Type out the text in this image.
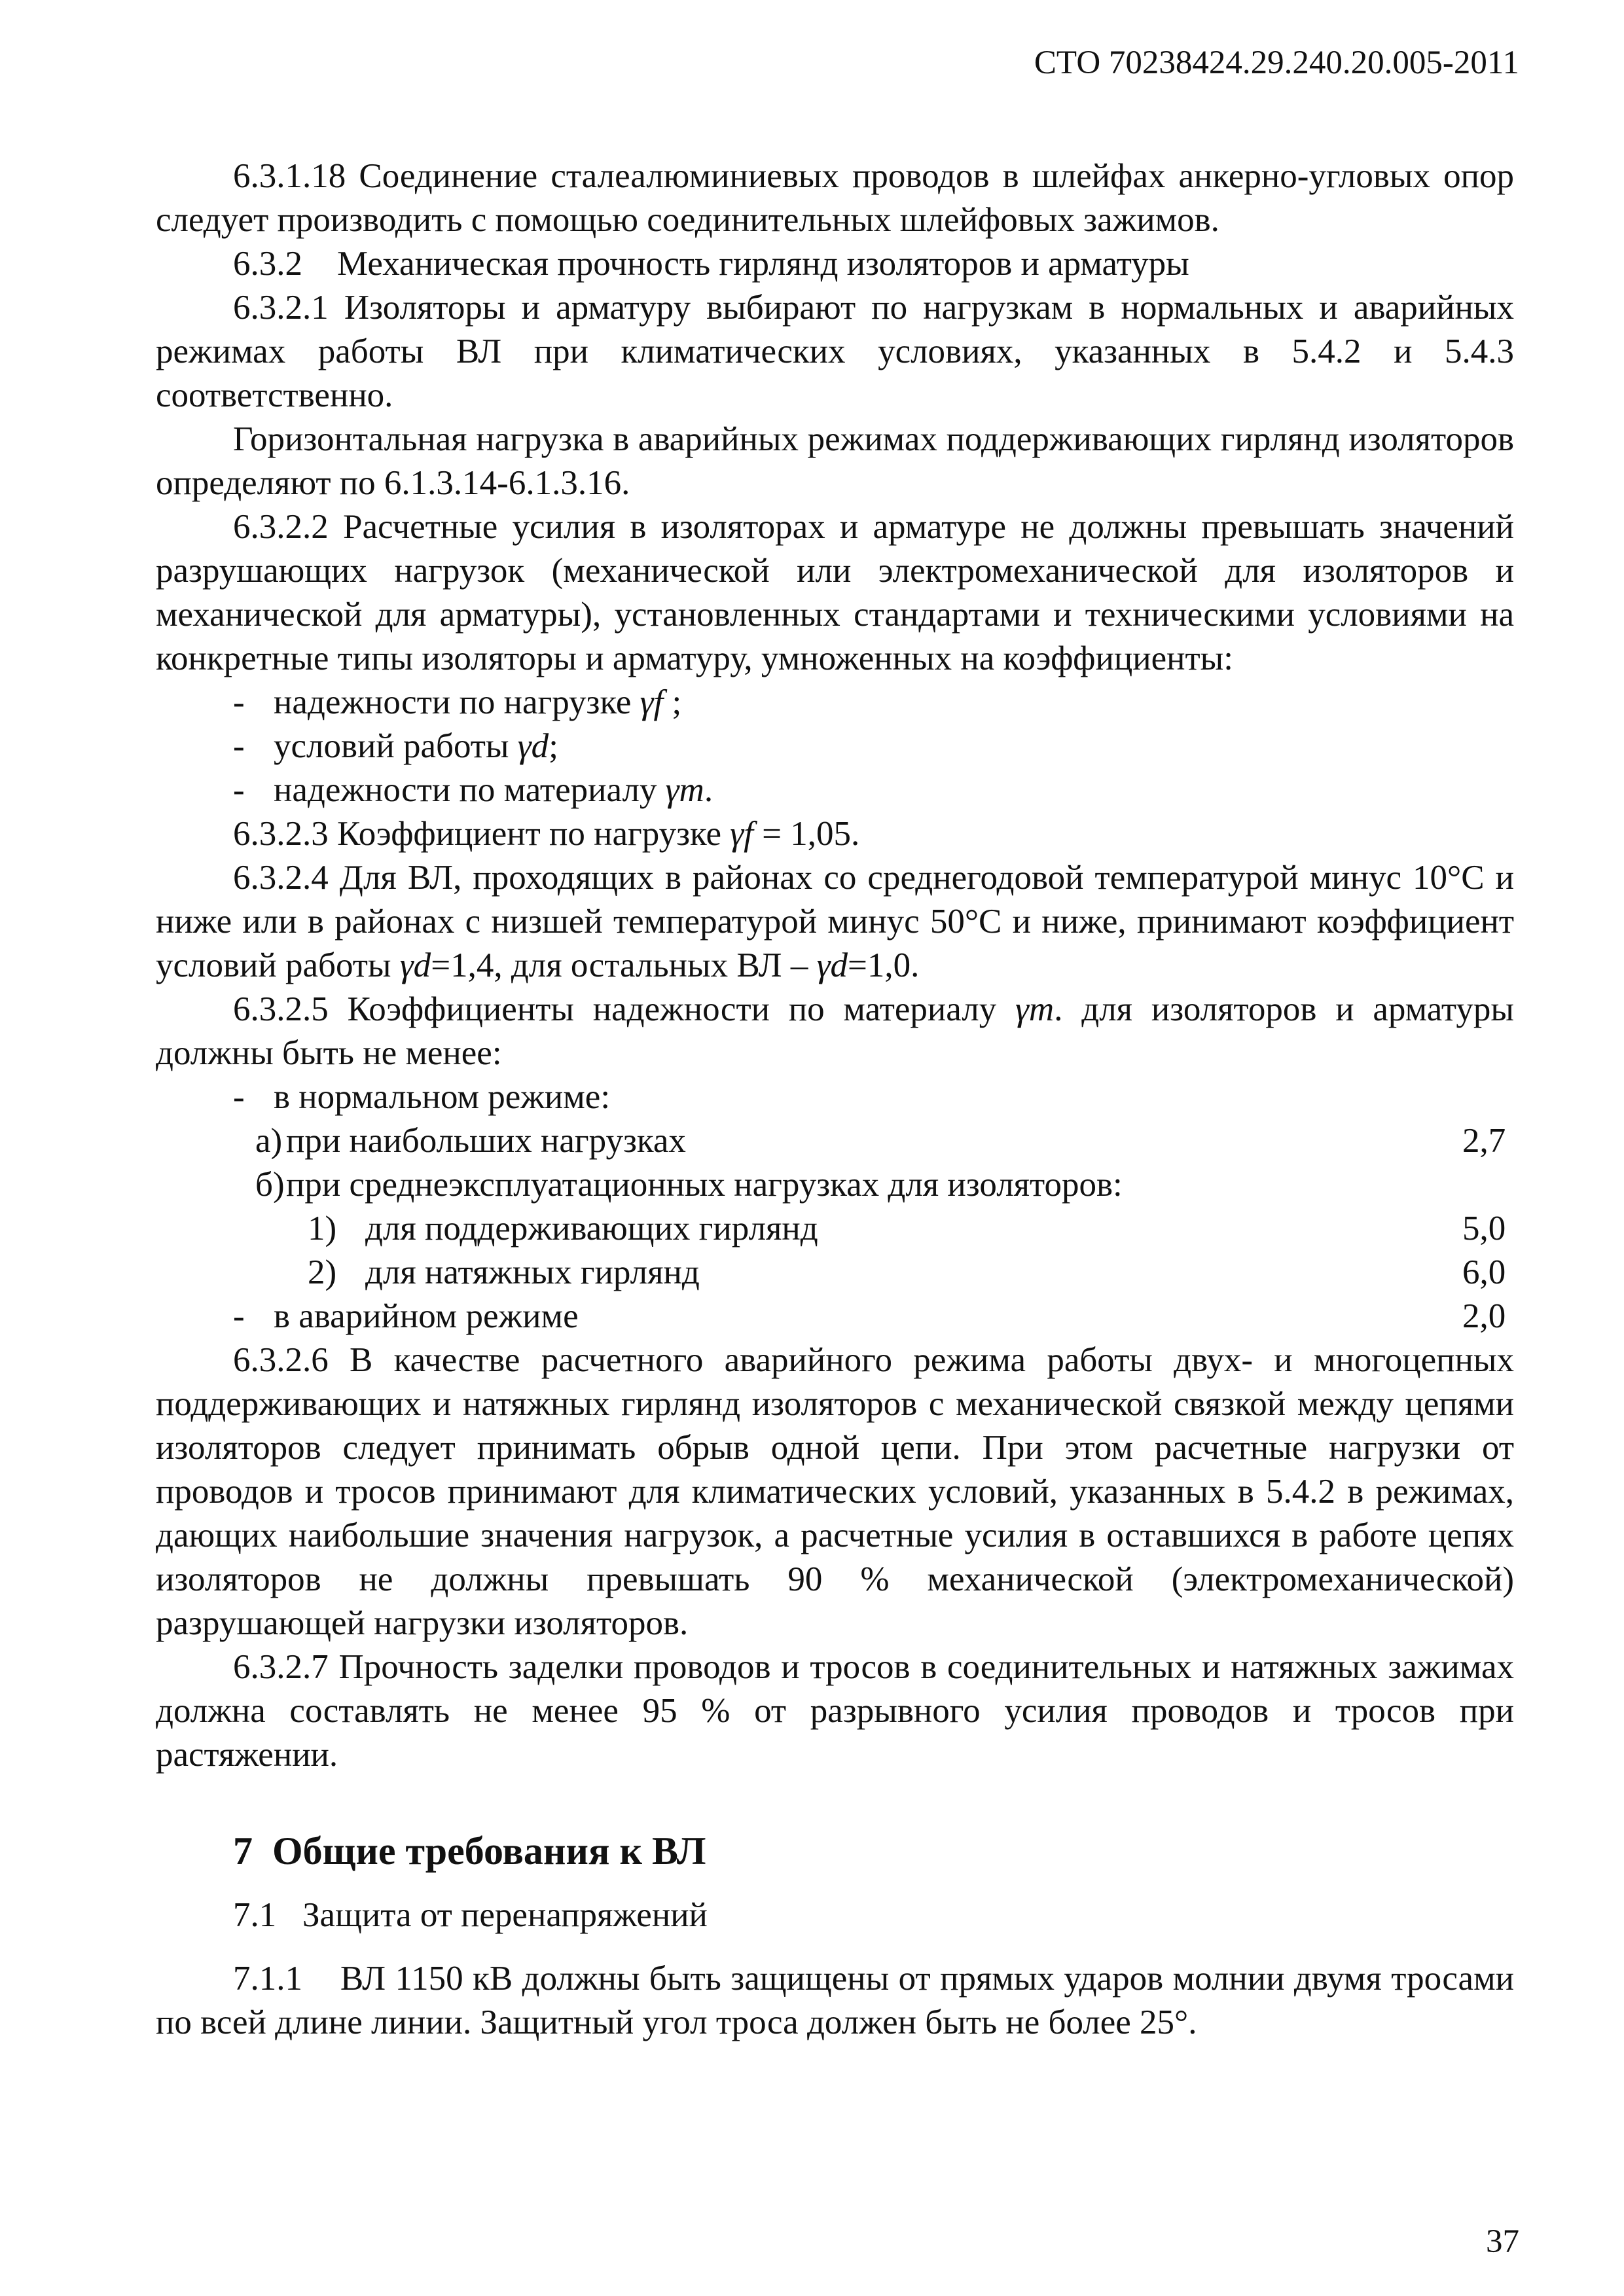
СТО 70238424.29.240.20.005-2011

6.3.1.18 Соединение сталеалюминиевых проводов в шлейфах анкерно-угловых опор следует производить с помощью соединительных шлейфовых зажимов.

6.3.2    Механическая прочность гирлянд изоляторов и арматуры

6.3.2.1 Изоляторы и арматуру выбирают по нагрузкам в нормальных и аварийных режимах работы ВЛ при климатических условиях, указанных в 5.4.2 и 5.4.3 соответственно.

Горизонтальная нагрузка в аварийных режимах поддерживающих гирлянд изоляторов определяют по 6.1.3.14-6.1.3.16.

6.3.2.2 Расчетные усилия в изоляторах и арматуре не должны превышать значений разрушающих нагрузок (механической или электромеханической для изоляторов и механической для арматуры), установленных стандартами и техническими условиями на конкретные типы изоляторы и арматуру, умноженных на коэффициенты:

- надежности по нагрузке γf ;
- условий работы γd;
- надежности по материалу γm.

6.3.2.3 Коэффициент по нагрузке γf = 1,05.

6.3.2.4 Для ВЛ, проходящих в районах со среднегодовой температурой минус 10°С и ниже или в районах с низшей температурой минус 50°С и ниже, принимают коэффициент условий работы γd=1,4, для остальных ВЛ – γd=1,0.

6.3.2.5 Коэффициенты надежности по материалу γm. для изоляторов и арматуры должны быть не менее:

- в нормальном режиме:
а) при наибольших нагрузках	2,7
б)при среднеэксплуатационных нагрузках для изоляторов:
1) для поддерживающих гирлянд	5,0
2) для натяжных гирлянд	6,0
- в аварийном режиме	2,0

6.3.2.6 В качестве расчетного аварийного режима работы двух- и многоцепных поддерживающих и натяжных гирлянд изоляторов с механической связкой между цепями изоляторов следует принимать обрыв одной цепи. При этом расчетные нагрузки от проводов и тросов принимают для климатических условий, указанных в 5.4.2 в режимах, дающих наибольшие значения нагрузок, а расчетные усилия в оставшихся в работе цепях изоляторов не должны превышать 90 % механической (электромеханической) разрушающей нагрузки изоляторов.

6.3.2.7 Прочность заделки проводов и тросов в соединительных и натяжных зажимах должна составлять не менее 95 % от разрывного усилия проводов и тросов при растяжении.

7  Общие требования к ВЛ

7.1   Защита от перенапряжений

7.1.1    ВЛ 1150 кВ должны быть защищены от прямых ударов молнии двумя тросами по всей длине линии. Защитный угол троса должен быть не более 25°.

37
